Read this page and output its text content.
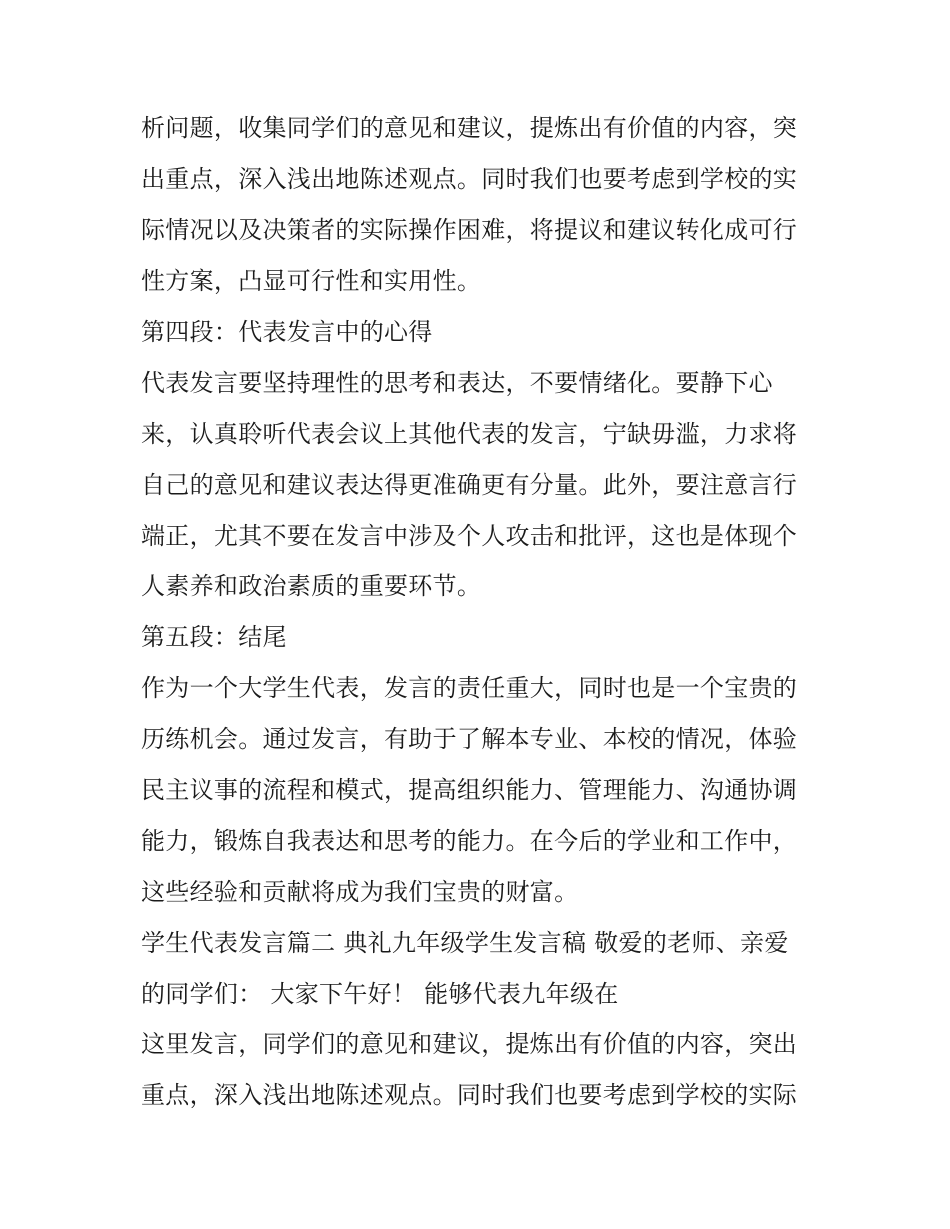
析问题，收集同学们的意见和建议，提炼出有价值的内容，突
出重点，深入浅出地陈述观点。同时我们也要考虑到学校的实
际情况以及决策者的实际操作困难，将提议和建议转化成可行
性方案，凸显可行性和实用性。
第四段：代表发言中的心得
代表发言要坚持理性的思考和表达，不要情绪化。要静下心
来，认真聆听代表会议上其他代表的发言，宁缺毋滥，力求将
自己的意见和建议表达得更准确更有分量。此外，要注意言行
端正，尤其不要在发言中涉及个人攻击和批评，这也是体现个
人素养和政治素质的重要环节。
第五段：结尾
作为一个大学生代表，发言的责任重大，同时也是一个宝贵的
历练机会。通过发言，有助于了解本专业、本校的情况，体验
民主议事的流程和模式，提高组织能力、管理能力、沟通协调
能力，锻炼自我表达和思考的能力。在今后的学业和工作中，
这些经验和贡献将成为我们宝贵的财富。
学生代表发言篇二 典礼九年级学生发言稿 敬爱的老师、亲爱
的同学们： 大家下午好！ 能够代表九年级在
这里发言，同学们的意见和建议，提炼出有价值的内容，突出
重点，深入浅出地陈述观点。同时我们也要考虑到学校的实际
